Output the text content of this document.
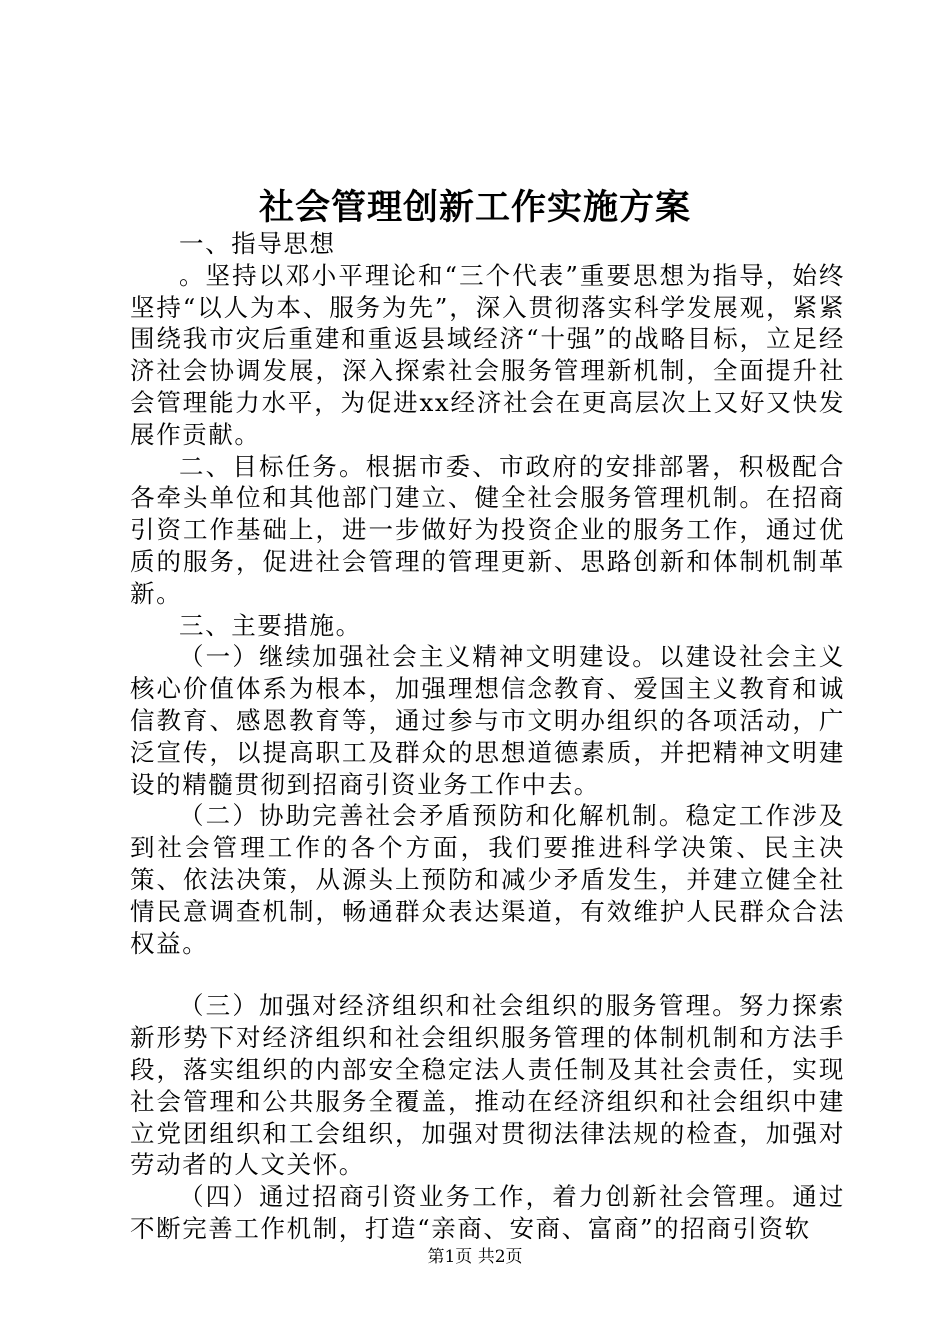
社会管理创新工作实施方案

一、指导思想

。坚持以邓小平理论和“三个代表”重要思想为指导，始终坚持“以人为本、服务为先”，深入贯彻落实科学发展观，紧紧围绕我市灾后重建和重返县域经济“十强”的战略目标，立足经济社会协调发展，深入探索社会服务管理新机制，全面提升社会管理能力水平，为促进xx经济社会在更高层次上又好又快发展作贡献。

二、目标任务。根据市委、市政府的安排部署，积极配合各牵头单位和其他部门建立、健全社会服务管理机制。在招商引资工作基础上，进一步做好为投资企业的服务工作，通过优质的服务，促进社会管理的管理更新、思路创新和体制机制革新。

三、主要措施。

（一）继续加强社会主义精神文明建设。以建设社会主义核心价值体系为根本，加强理想信念教育、爱国主义教育和诚信教育、感恩教育等，通过参与市文明办组织的各项活动，广泛宣传，以提高职工及群众的思想道德素质，并把精神文明建设的精髓贯彻到招商引资业务工作中去。

（二）协助完善社会矛盾预防和化解机制。稳定工作涉及到社会管理工作的各个方面，我们要推进科学决策、民主决策、依法决策，从源头上预防和减少矛盾发生，并建立健全社情民意调查机制，畅通群众表达渠道，有效维护人民群众合法权益。

（三）加强对经济组织和社会组织的服务管理。努力探索新形势下对经济组织和社会组织服务管理的体制机制和方法手段，落实组织的内部安全稳定法人责任制及其社会责任，实现社会管理和公共服务全覆盖，推动在经济组织和社会组织中建立党团组织和工会组织，加强对贯彻法律法规的检查，加强对劳动者的人文关怀。

（四）通过招商引资业务工作，着力创新社会管理。通过不断完善工作机制，打造“亲商、安商、富商”的招商引资软

第1页 共2页
